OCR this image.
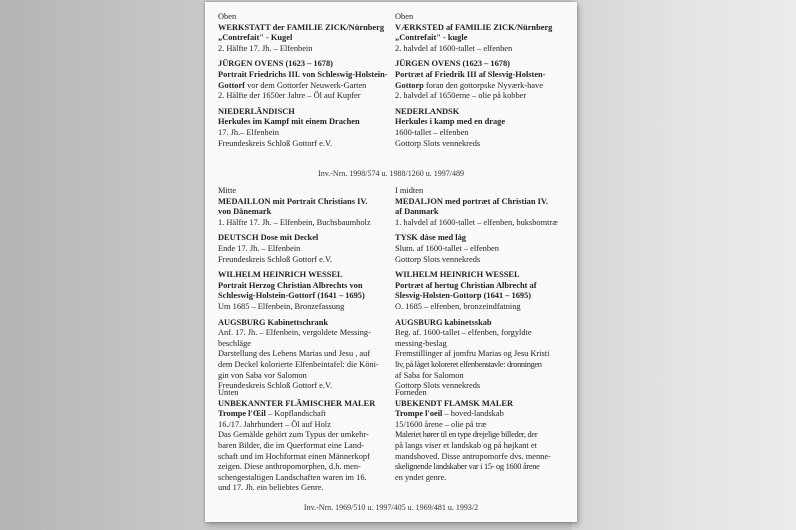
Oben
WERKSTATT der FAMILIE ZICK/Nürnberg
„Contrefait" - Kugel
2. Hälfte 17. Jh. – Elfenbein
JÜRGEN OVENS (1623 – 1678)
Portrait Friedrichs III. von Schleswig-Holstein-
Gottorf vor dem Gottorfer Neuwerk-Garten
2. Hälfte der 1650er Jahre – Öl auf Kupfer
NIEDERLÄNDISCH
Herkules im Kampf mit einem Drachen
17. Jh.– Elfenbein
Freundeskreis Schloß Gottorf e.V.
Mitte
MEDAILLON mit Portrait Christians IV.
von Dänemark
1. Hälfte 17. Jh. – Elfenbein, Buchsbaumholz
DEUTSCH Dose mit Deckel
Ende 17. Jh. – Elfenbein
Freundeskreis Schloß Gottorf e.V.
WILHELM HEINRICH WESSEL
Portrait Herzog Christian Albrechts von
Schleswig-Holstein-Gottorf (1641 – 1695)
Um 1685 – Elfenbein, Bronzefassung
AUGSBURG Kabinettschrank
Anf. 17. Jh. – Elfenbein, vergoldete Messing-
beschläge
Darstellung des Lebens Marias und Jesu , auf
dem Deckel kolorierte Elfenbeintafel: die Köni-
gin von Saba vor Salomon
Freundeskreis Schloß Gottorf e.V.
Unten
UNBEKANNTER FLÄMISCHER MALER
Trompe l'Œil – Kopflandschaft
16./17. Jahrhundert – Öl auf Holz
Das Gemälde gehört zum Typus der umkehr-
baren Bilder, die im Querformat eine Land-
schaft und im Hochformat einen Männerkopf
zeigen. Diese anthropomorphen, d.h. men-
schengestaltigen Landschaften waren im 16.
und 17. Jh. ein beliebtes Genre.
Oben
VÆRKSTED af FAMILIE ZICK/Nürnberg
„Contrefait" - kugle
2. halvdel af 1600-tallet – elfenben
JÜRGEN OVENS (1623 – 1678)
Portræt af Friedrik III af Slesvig-Holsten-
Gottorp foran den gottorpske Nyværk-have
2. halvdel af 1650erne – olie på kobber
NEDERLANDSK
Herkules i kamp med en drage
1600-tallet – elfenben
Gottorp Slots vennekreds
I midten
MEDALJON med portræt af Christian IV.
af Danmark
1. halvdel af 1600-tallet – elfenben, buksbomtræ
TYSK dåse med låg
Slutn. af 1600-tallet – elfenben
Gottorp Slots vennekreds
WILHELM HEINRICH WESSEL
Portræt af hertug Christian Albrecht af
Slesvig-Holsten-Gottorp (1641 – 1695)
O. 1685 – elfenben, bronzeindfatning
AUGSBURG kabinetsskab
Beg. af. 1600-tallet – elfenben, forgyldte
messing-beslag
Fremstillinger af jomfru Marias og Jesu Kristi
liv, på låget koloreret elfenbenstavle: dronningen
af Saba for Salomon
Gottorp Slots vennekreds
Forneden
UBEKENDT FLAMSK MALER
Trompe l'oeil – hoved-landskab
15/1600 årene – olie på træ
Maleriet hører til en type drejelige billeder, der
på langs viser et landskab og på højkant et
mandshoved. Disse antropomorfe dvs. menne-
skelignende landskaber var i 15- og 1600 årene
en yndet genre.
Inv.-Nrn. 1998/574 u. 1988/1260 u. 1997/489
Inv.-Nrn. 1969/510 u. 1997/405 u. 1969/481 u. 1993/2
